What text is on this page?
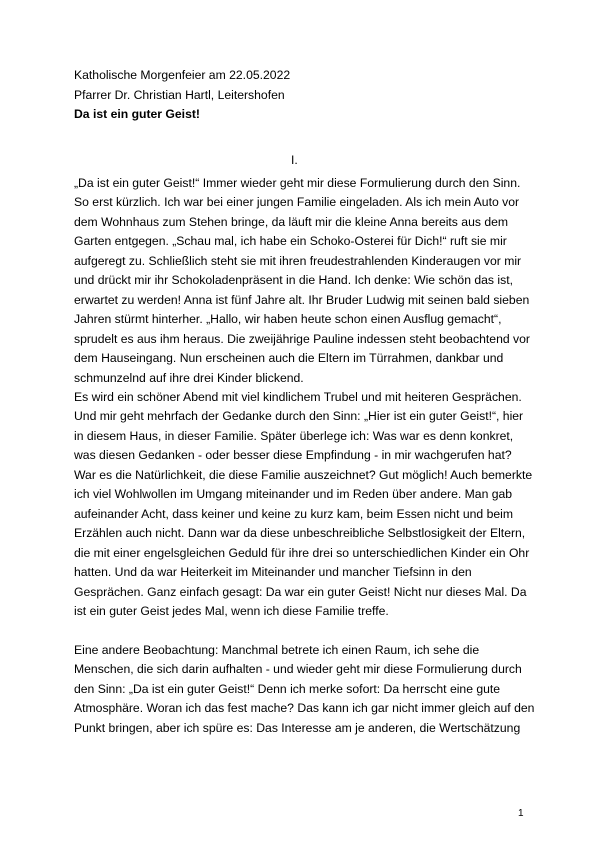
Katholische Morgenfeier am 22.05.2022
Pfarrer Dr. Christian Hartl, Leitershofen
Da ist ein guter Geist!
I.
„Da ist ein guter Geist!“ Immer wieder geht mir diese Formulierung durch den Sinn.
So erst kürzlich. Ich war bei einer jungen Familie eingeladen. Als ich mein Auto vor
dem Wohnhaus zum Stehen bringe, da läuft mir die kleine Anna bereits aus dem
Garten entgegen. „Schau mal, ich habe ein Schoko-Osterei für Dich!“ ruft sie mir
aufgeregt zu. Schließlich steht sie mit ihren freudestrahlenden Kinderaugen vor mir
und drückt mir ihr Schokoladenpräsent in die Hand. Ich denke: Wie schön das ist,
erwartet zu werden! Anna ist fünf Jahre alt. Ihr Bruder Ludwig mit seinen bald sieben
Jahren stürmt hinterher. „Hallo, wir haben heute schon einen Ausflug gemacht“,
sprudelt es aus ihm heraus. Die zweijährige Pauline indessen steht beobachtend vor
dem Hauseingang. Nun erscheinen auch die Eltern im Türrahmen, dankbar und
schmunzelnd auf ihre drei Kinder blickend.
Es wird ein schöner Abend mit viel kindlichem Trubel und mit heiteren Gesprächen.
Und mir geht mehrfach der Gedanke durch den Sinn: „Hier ist ein guter Geist!“, hier
in diesem Haus, in dieser Familie. Später überlege ich: Was war es denn konkret,
was diesen Gedanken - oder besser diese Empfindung - in mir wachgerufen hat?
War es die Natürlichkeit, die diese Familie auszeichnet? Gut möglich! Auch bemerkte
ich viel Wohlwollen im Umgang miteinander und im Reden über andere. Man gab
aufeinander Acht, dass keiner und keine zu kurz kam, beim Essen nicht und beim
Erzählen auch nicht. Dann war da diese unbeschreibliche Selbstlosigkeit der Eltern,
die mit einer engelsgleichen Geduld für ihre drei so unterschiedlichen Kinder ein Ohr
hatten. Und da war Heiterkeit im Miteinander und mancher Tiefsinn in den
Gesprächen. Ganz einfach gesagt: Da war ein guter Geist! Nicht nur dieses Mal. Da
ist ein guter Geist jedes Mal, wenn ich diese Familie treffe.
Eine andere Beobachtung: Manchmal betrete ich einen Raum, ich sehe die
Menschen, die sich darin aufhalten - und wieder geht mir diese Formulierung durch
den Sinn: „Da ist ein guter Geist!“ Denn ich merke sofort: Da herrscht eine gute
Atmosphäre. Woran ich das fest mache? Das kann ich gar nicht immer gleich auf den
Punkt bringen, aber ich spüre es: Das Interesse am je anderen, die Wertschätzung
1
